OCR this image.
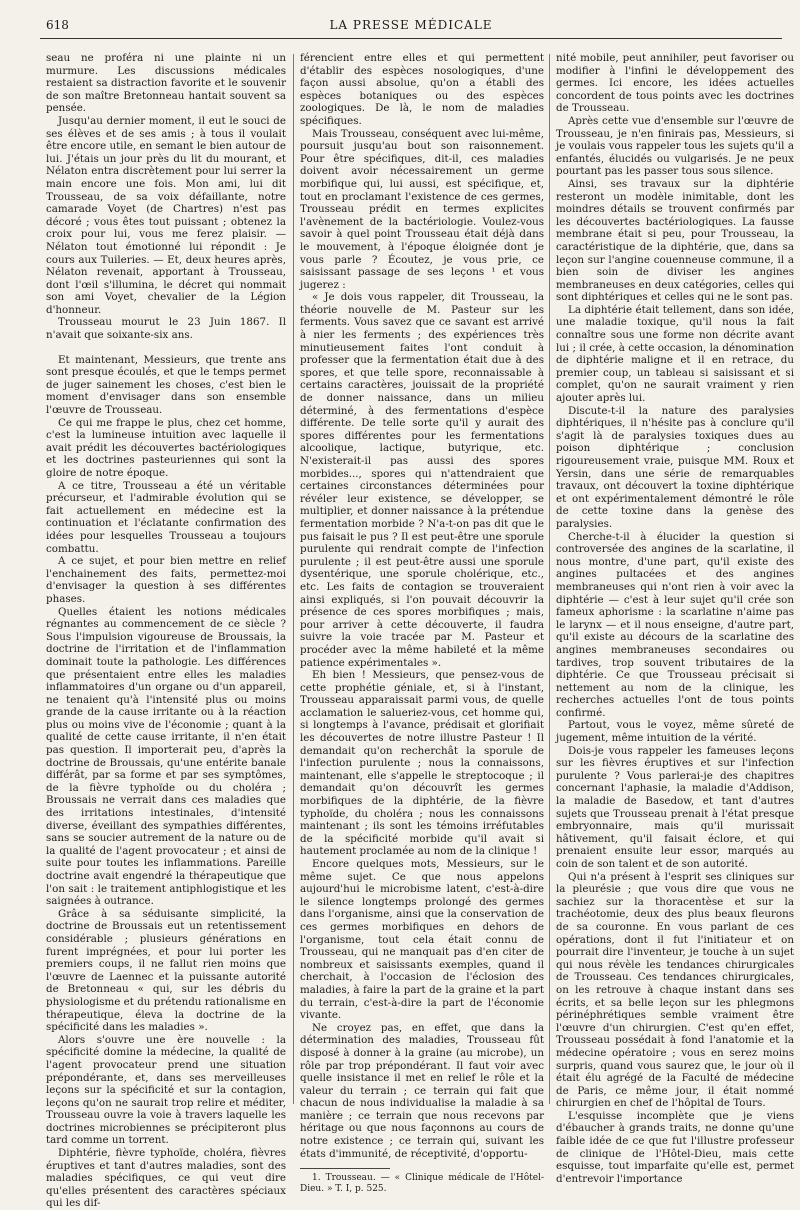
618	LA PRESSE MÉDICALE

seau ne proféra ni une plainte ni un murmure. Les discussions médicales restaient sa distraction favorite et le souvenir de son maître Bretonneau hantait souvent sa pensée.

Jusqu'au dernier moment, il eut le souci de ses élèves et de ses amis ; à tous il voulait être encore utile, en semant le bien autour de lui. J'étais un jour près du lit du mourant, et Nélaton entra discrètement pour lui serrer la main encore une fois. Mon ami, lui dit Trousseau, de sa voix défaillante, notre camarade Voyet (de Chartres) n'est pas décoré ; vous êtes tout puissant ; obtenez la croix pour lui, vous me ferez plaisir. — Nélaton tout émotionné lui répondit : Je cours aux Tuileries. — Et, deux heures après, Nélaton revenait, apportant à Trousseau, dont l'œil s'illumina, le décret qui nommait son ami Voyet, chevalier de la Légion d'honneur.

Trousseau mourut le 23 Juin 1867. Il n'avait que soixante-six ans.

Et maintenant, Messieurs, que trente ans sont presque écoulés, et que le temps permet de juger sainement les choses, c'est bien le moment d'envisager dans son ensemble l'œuvre de Trousseau.

Ce qui me frappe le plus, chez cet homme, c'est la lumineuse intuition avec laquelle il avait prédit les découvertes bactériologiques et les doctrines pasteuriennes qui sont la gloire de notre époque.

A ce titre, Trousseau a été un véritable précurseur, et l'admirable évolution qui se fait actuellement en médecine est la continuation et l'éclatante confirmation des idées pour lesquelles Trousseau a toujours combattu.

A ce sujet, et pour bien mettre en relief l'enchainement des faits, permettez-moi d'envisager la question à ses différentes phases.

Quelles étaient les notions médicales régnantes au commencement de ce siècle ? Sous l'impulsion vigoureuse de Broussais, la doctrine de l'irritation et de l'inflammation dominait toute la pathologie. Les différences que présentaient entre elles les maladies inflammatoires d'un organe ou d'un appareil, ne tenaient qu'à l'intensité plus ou moins grande de la cause irritante ou à la réaction plus ou moins vive de l'économie ; quant à la qualité de cette cause irritante, il n'en était pas question. Il importerait peu, d'après la doctrine de Broussais, qu'une entérite banale différât, par sa forme et par ses symptômes, de la fièvre typhoïde ou du choléra ; Broussais ne verrait dans ces maladies que des irritations intestinales, d'intensité diverse, éveillant des sympathies différentes, sans se soucier autrement de la nature ou de la qualité de l'agent provocateur ; et ainsi de suite pour toutes les inflammations. Pareille doctrine avait engendré la thérapeutique que l'on sait : le traitement antiphlogistique et les saignées à outrance.

Grâce à sa séduisante simplicité, la doctrine de Broussais eut un retentissement considérable ; plusieurs générations en furent imprégnées, et pour lui porter les premiers coups, il ne fallut rien moins que l'œuvre de Laennec et la puissante autorité de Bretonneau « qui, sur les débris du physiologisme et du prétendu rationalisme en thérapeutique, éleva la doctrine de la spécificité dans les maladies ».

Alors s'ouvre une ère nouvelle : la spécificité domine la médecine, la qualité de l'agent provocateur prend une situation prépondérante, et, dans ses merveilleuses leçons sur la spécificité et sur la contagion, leçons qu'on ne saurait trop relire et méditer, Trousseau ouvre la voie à travers laquelle les doctrines microbiennes se précipiteront plus tard comme un torrent.

Diphtérie, fièvre typhoïde, choléra, fièvres éruptives et tant d'autres maladies, sont des maladies spécifiques, ce qui veut dire qu'elles présentent des caractères spéciaux qui les dif-

férencient entre elles et qui permettent d'établir des espèces nosologiques, d'une façon aussi absolue, qu'on a établi des espèces botaniques ou des espèces zoologiques. De là, le nom de maladies spécifiques.

Mais Trousseau, conséquent avec lui-même, poursuit jusqu'au bout son raisonnement. Pour être spécifiques, dit-il, ces maladies doivent avoir nécessairement un germe morbifique qui, lui aussi, est spécifique, et, tout en proclamant l'existence de ces germes, Trousseau prédit en termes explicites l'avènement de la bactériologie. Voulez-vous savoir à quel point Trousseau était déjà dans le mouvement, à l'époque éloignée dont je vous parle ? Écoutez, je vous prie, ce saisissant passage de ses leçons ¹ et vous jugerez :

« Je dois vous rappeler, dit Trousseau, la théorie nouvelle de M. Pasteur sur les ferments. Vous savez que ce savant est arrivé à nier les ferments ; des expériences très minutieusement faites l'ont conduit à professer que la fermentation était due à des spores, et que telle spore, reconnaissable à certains caractères, jouissait de la propriété de donner naissance, dans un milieu déterminé, à des fermentations d'espèce différente. De telle sorte qu'il y aurait des spores différentes pour les fermentations alcoolique, lactique, butyrique, etc. N'existerait-il pas aussi des spores morbides..., spores qui n'attendraient que certaines circonstances déterminées pour révéler leur existence, se développer, se multiplier, et donner naissance à la prétendue fermentation morbide ? N'a-t-on pas dit que le pus faisait le pus ? Il est peut-être une sporule purulente qui rendrait compte de l'infection purulente ; il est peut-être aussi une sporule dysentérique, une sporule cholérique, etc., etc. Les faits de contagion se trouveraient ainsi expliqués, si l'on pouvait découvrir la présence de ces spores morbifiques ; mais, pour arriver à cette découverte, il faudra suivre la voie tracée par M. Pasteur et procéder avec la même habileté et la même patience expérimentales ».

Eh bien ! Messieurs, que pensez-vous de cette prophétie géniale, et, si à l'instant, Trousseau apparaissait parmi vous, de quelle acclamation le salueriez-vous, cet homme qui, si longtemps à l'avance, prédisait et glorifiait les découvertes de notre illustre Pasteur ! Il demandait qu'on recherchât la sporule de l'infection purulente ; nous la connaissons, maintenant, elle s'appelle le streptocoque ; il demandait qu'on découvrît les germes morbifiques de la diphtérie, de la fièvre typhoïde, du choléra ; nous les connaissons maintenant ; ils sont les témoins irréfutables de la spécificité morbide qu'il avait si hautement proclamée au nom de la clinique !

Encore quelques mots, Messieurs, sur le même sujet. Ce que nous appelons aujourd'hui le microbisme latent, c'est-à-dire le silence longtemps prolongé des germes dans l'organisme, ainsi que la conservation de ces germes morbifiques en dehors de l'organisme, tout cela était connu de Trousseau, qui ne manquait pas d'en citer de nombreux et saisissants exemples, quand il cherchait, à l'occasion de l'éclosion des maladies, à faire la part de la graine et la part du terrain, c'est-à-dire la part de l'économie vivante.

Ne croyez pas, en effet, que dans la détermination des maladies, Trousseau fût disposé à donner à la graine (au microbe), un rôle par trop prépondérant. Il faut voir avec quelle insistance il met en relief le rôle et la valeur du terrain ; ce terrain qui fait que chacun de nous individualise la maladie à sa manière ; ce terrain que nous recevons par héritage ou que nous façonnons au cours de notre existence ; ce terrain qui, suivant les états d'immunité, de réceptivité, d'opportu-

1. Trousseau. — « Clinique médicale de l'Hôtel-Dieu. » T. I, p. 525.

nité mobile, peut annihiler, peut favoriser ou modifier à l'infini le développement des germes. Ici encore, les idées actuelles concordent de tous points avec les doctrines de Trousseau.

Après cette vue d'ensemble sur l'œuvre de Trousseau, je n'en finirais pas, Messieurs, si je voulais vous rappeler tous les sujets qu'il a enfantés, élucidés ou vulgarisés. Je ne peux pourtant pas les passer tous sous silence.

Ainsi, ses travaux sur la diphtérie resteront un modèle inimitable, dont les moindres détails se trouvent confirmés par les découvertes bactériologiques. La fausse membrane était si peu, pour Trousseau, la caractéristique de la diphtérie, que, dans sa leçon sur l'angine couenneuse commune, il a bien soin de diviser les angines membraneuses en deux catégories, celles qui sont diphtériques et celles qui ne le sont pas.

La diphtérie était tellement, dans son idée, une maladie toxique, qu'il nous la fait connaître sous une forme non décrite avant lui ; il crée, à cette occasion, la dénomination de diphtérie maligne et il en retrace, du premier coup, un tableau si saisissant et si complet, qu'on ne saurait vraiment y rien ajouter après lui.

Discute-t-il la nature des paralysies diphtériques, il n'hésite pas à conclure qu'il s'agit là de paralysies toxiques dues au poison diphtérique ; conclusion rigoureusement vraie, puisque MM. Roux et Yersin, dans une série de remarquables travaux, ont découvert la toxine diphtérique et ont expérimentalement démontré le rôle de cette toxine dans la genèse des paralysies.

Cherche-t-il à élucider la question si controversée des angines de la scarlatine, il nous montre, d'une part, qu'il existe des angines pultacées et des angines membraneuses qui n'ont rien à voir avec la diphtérie — c'est à leur sujet qu'il crée son fameux aphorisme : la scarlatine n'aime pas le larynx — et il nous enseigne, d'autre part, qu'il existe au décours de la scarlatine des angines membraneuses secondaires ou tardives, trop souvent tributaires de la diphtérie. Ce que Trousseau précisait si nettement au nom de la clinique, les recherches actuelles l'ont de tous points confirmé.

Partout, vous le voyez, même sûreté de jugement, même intuition de la vérité.

Dois-je vous rappeler les fameuses leçons sur les fièvres éruptives et sur l'infection purulente ? Vous parlerai-je des chapitres concernant l'aphasie, la maladie d'Addison, la maladie de Basedow, et tant d'autres sujets que Trousseau prenait à l'état presque embryonnaire, mais qu'il murissait hâtivement, qu'il faisait éclore, et qui prenaient ensuite leur essor, marqués au coin de son talent et de son autorité.

Qui n'a présent à l'esprit ses cliniques sur la pleurésie ; que vous dire que vous ne sachiez sur la thoracentèse et sur la trachéotomie, deux des plus beaux fleurons de sa couronne. En vous parlant de ces opérations, dont il fut l'initiateur et on pourrait dire l'inventeur, je touche à un sujet qui nous révèle les tendances chirurgicales de Trousseau. Ces tendances chirurgicales, on les retrouve à chaque instant dans ses écrits, et sa belle leçon sur les phlegmons périnéphrétiques semble vraiment être l'œuvre d'un chirurgien. C'est qu'en effet, Trousseau possédait à fond l'anatomie et la médecine opératoire ; vous en serez moins surpris, quand vous saurez que, le jour où il était élu agrégé de la Faculté de médecine de Paris, ce même jour, il était nommé chirurgien en chef de l'hôpital de Tours.

L'esquisse incomplète que je viens d'ébaucher à grands traits, ne donne qu'une faible idée de ce que fut l'illustre professeur de clinique de l'Hôtel-Dieu, mais cette esquisse, tout imparfaite qu'elle est, permet d'entrevoir l'importance
